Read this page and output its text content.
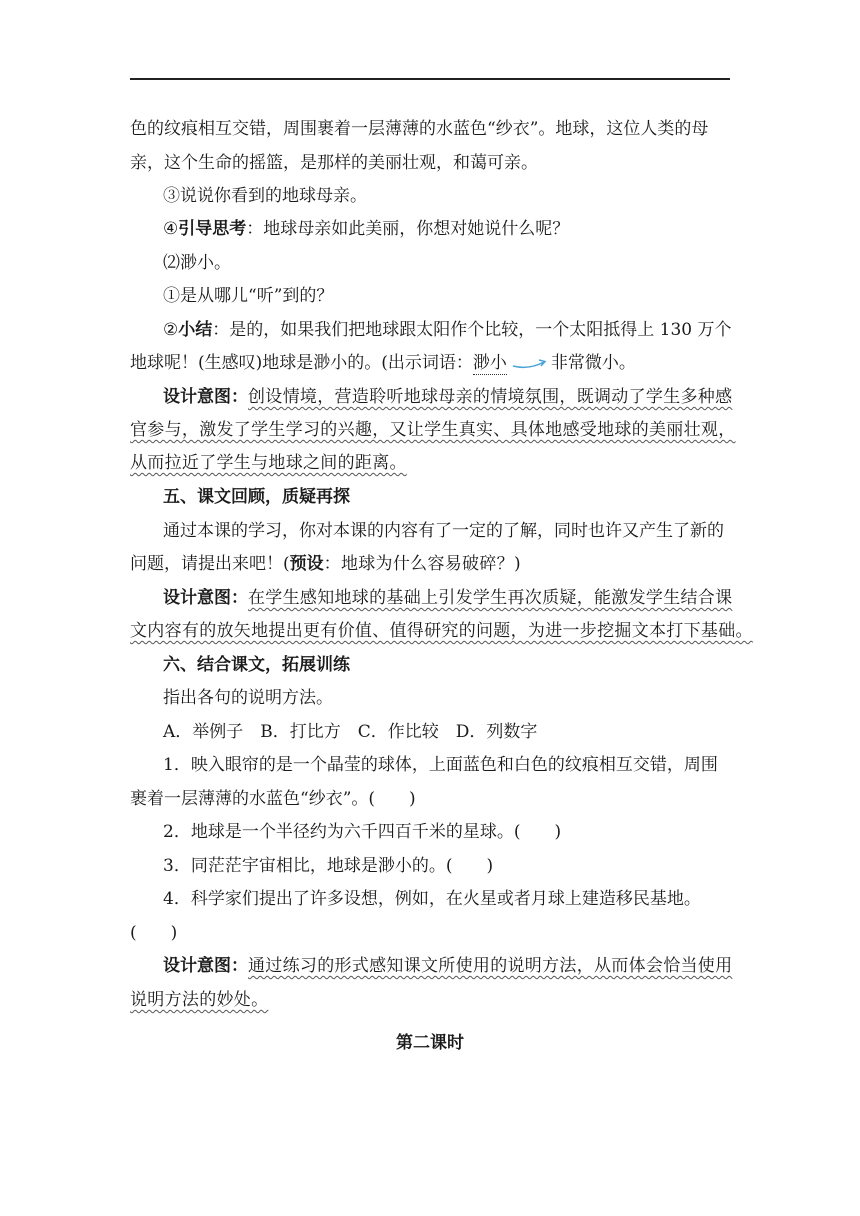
色的纹痕相互交错，周围裹着一层薄薄的水蓝色“纱衣”。地球，这位人类的母
亲，这个生命的摇篮，是那样的美丽壮观，和蔼可亲。
③说说你看到的地球母亲。
④引导思考：地球母亲如此美丽，你想对她说什么呢？
⑵渺小。
①是从哪儿“听”到的？
②小结：是的，如果我们把地球跟太阳作个比较，一个太阳抵得上 130 万个
地球呢！(生感叹)地球是渺小的。(出示词语：渺小	非常微小。
设计意图：创设情境，营造聆听地球母亲的情境氛围，既调动了学生多种感
官参与，激发了学生学习的兴趣，又让学生真实、具体地感受地球的美丽壮观，
从而拉近了学生与地球之间的距离。
五、课文回顾，质疑再探
通过本课的学习，你对本课的内容有了一定的了解，同时也许又产生了新的
问题，请提出来吧！(预设：地球为什么容易破碎？)
设计意图：在学生感知地球的基础上引发学生再次质疑，能激发学生结合课
文内容有的放矢地提出更有价值、值得研究的问题，为进一步挖掘文本打下基础。
六、结合课文，拓展训练
指出各句的说明方法。
A．举例子　B．打比方　C．作比较　D．列数字
1．映入眼帘的是一个晶莹的球体，上面蓝色和白色的纹痕相互交错，周围
裹着一层薄薄的水蓝色“纱衣”。(　　)
2．地球是一个半径约为六千四百千米的星球。(　　)
3．同茫茫宇宙相比，地球是渺小的。(　　)
4．科学家们提出了许多设想，例如，在火星或者月球上建造移民基地。
(　　)
设计意图：通过练习的形式感知课文所使用的说明方法，从而体会恰当使用
说明方法的妙处。
第二课时
